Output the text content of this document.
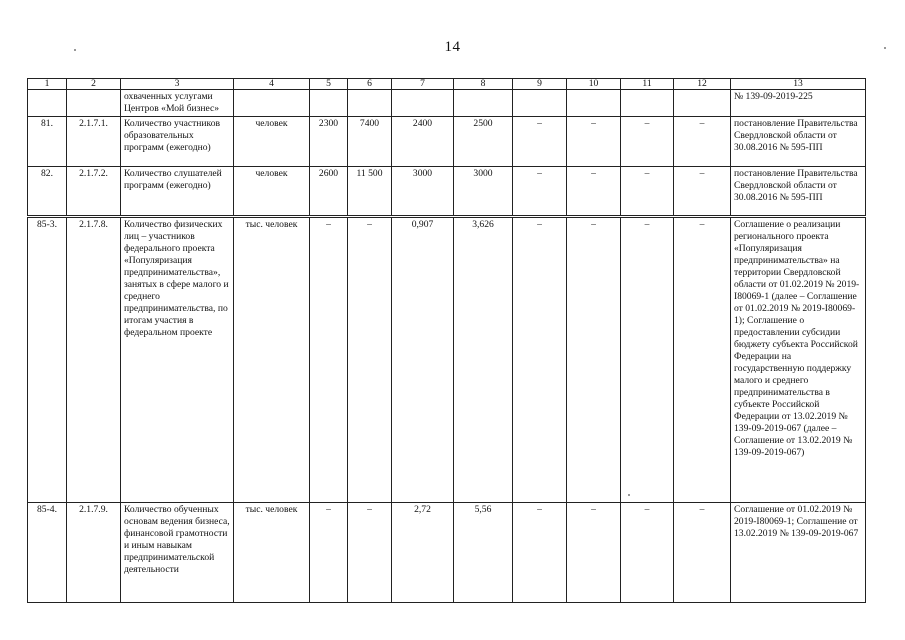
14
1	2	3	4	5	6	7	8	9	10	11	12	13
		охваченных услугами Центров «Мой бизнес»										№ 139-09-2019-225
81.	2.1.7.1.	Количество участников образовательных программ (ежегодно)	человек	2300	7400	2400	2500	–	–	–	–	постановление Правительства Свердловской области от 30.08.2016 № 595-ПП
82.	2.1.7.2.	Количество слушателей программ (ежегодно)	человек	2600	11 500	3000	3000	–	–	–	–	постановление Правительства Свердловской области от 30.08.2016 № 595-ПП
85-3.	2.1.7.8.	Количество физических лиц – участников федерального проекта «Популяризация предпринимательства», занятых в сфере малого и среднего предпринимательства, по итогам участия в федеральном проекте	тыс. человек	–	–	0,907	3,626	–	–	–	–	Соглашение о реализации регионального проекта «Популяризация предпринимательства» на территории Свердловской области от 01.02.2019 № 2019-I80069-1 (далее – Соглашение от 01.02.2019 № 2019-I80069-1); Соглашение о предоставлении субсидии бюджету субъекта Российской Федерации на государственную поддержку малого и среднего предпринимательства в субъекте Российской Федерации от 13.02.2019 № 139-09-2019-067 (далее – Соглашение от 13.02.2019 № 139-09-2019-067)
85-4.	2.1.7.9.	Количество обученных основам ведения бизнеса, финансовой грамотности и иным навыкам предпринимательской деятельности	тыс. человек	–	–	2,72	5,56	–	–	–	–	Соглашение от 01.02.2019 № 2019-I80069-1; Соглашение от 13.02.2019 № 139-09-2019-067
